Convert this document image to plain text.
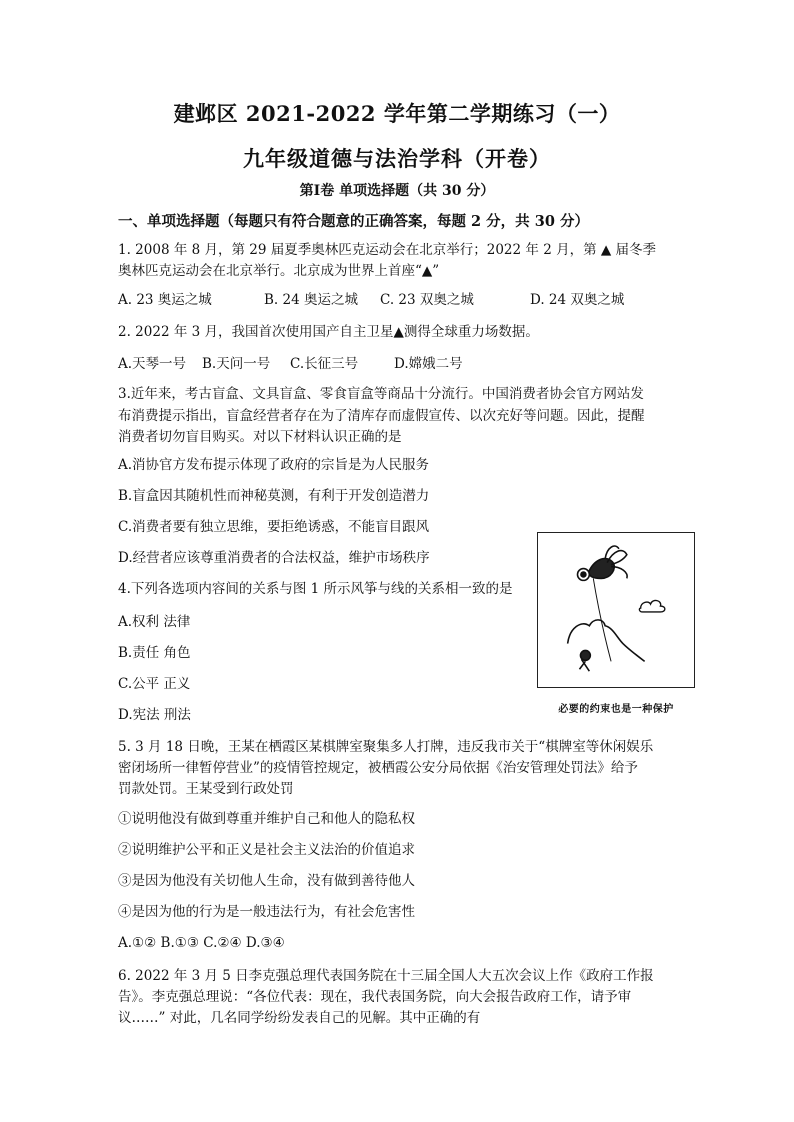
建邺区 2021-2022 学年第二学期练习（一）
九年级道德与法治学科（开卷）
第Ⅰ卷 单项选择题（共 30 分）
一、单项选择题（每题只有符合题意的正确答案，每题 2 分，共 30 分）
1. 2008 年 8 月，第 29 届夏季奥林匹克运动会在北京举行；2022 年 2 月，第 ▲ 届冬季
奥林匹克运动会在北京举行。北京成为世界上首座“▲”
A. 23 奥运之城	B. 24 奥运之城 C. 23 双奥之城	D. 24 双奥之城
2. 2022 年 3 月，我国首次使用国产自主卫星▲测得全球重力场数据。
A.天琴一号 B.天问一号 C.长征三号	D.嫦娥二号
3.近年来，考古盲盒、文具盲盒、零食盲盒等商品十分流行。中国消费者协会官方网站发
布消费提示指出，盲盒经营者存在为了清库存而虚假宣传、以次充好等问题。因此，提醒
消费者切勿盲目购买。对以下材料认识正确的是
A.消协官方发布提示体现了政府的宗旨是为人民服务
B.盲盒因其随机性而神秘莫测，有利于开发创造潜力
C.消费者要有独立思维，要拒绝诱惑，不能盲目跟风
D.经营者应该尊重消费者的合法权益，维护市场秩序
4.下列各选项内容间的关系与图 1 所示风筝与线的关系相一致的是
A.权利 法律
B.责任 角色
C.公平 正义
D.宪法 刑法	必要的约束也是一种保护
5. 3 月 18 日晚，王某在栖霞区某棋牌室聚集多人打牌，违反我市关于“棋牌室等休闲娱乐
密闭场所一律暂停营业”的疫情管控规定，被栖霞公安分局依据《治安管理处罚法》给予
罚款处罚。王某受到行政处罚
①说明他没有做到尊重并维护自己和他人的隐私权
②说明维护公平和正义是社会主义法治的价值追求
③是因为他没有关切他人生命，没有做到善待他人
④是因为他的行为是一般违法行为，有社会危害性
A.①② B.①③ C.②④ D.③④
6. 2022 年 3 月 5 日李克强总理代表国务院在十三届全国人大五次会议上作《政府工作报
告》。李克强总理说：“各位代表：现在，我代表国务院，向大会报告政府工作，请予审
议……” 对此，几名同学纷纷发表自己的见解。其中正确的有
